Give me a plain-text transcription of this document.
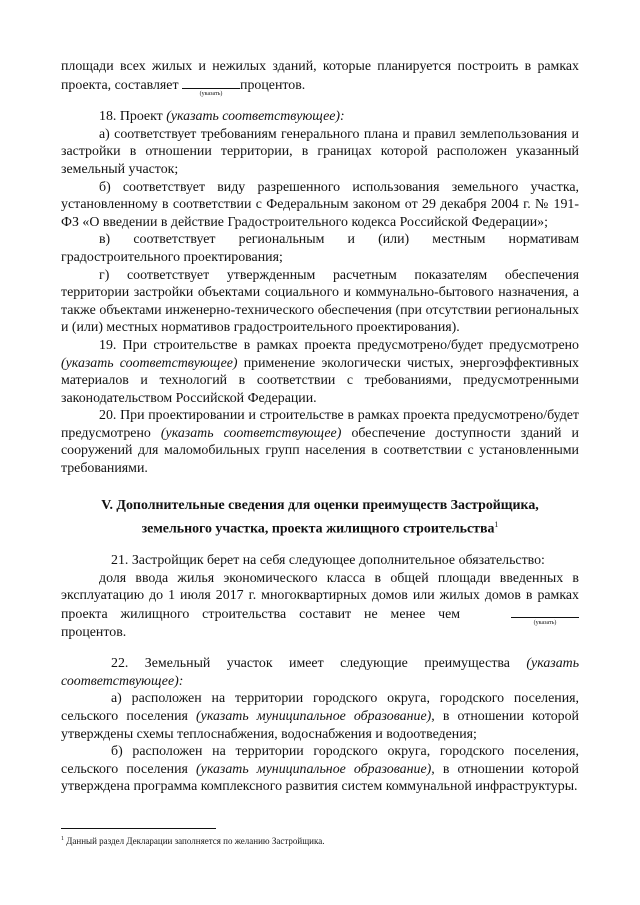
площади всех жилых и нежилых зданий, которые планируется построить в рамках проекта, составляет
(указать)
процентов.

18. Проект (указать соответствующее):

а) соответствует требованиям генерального плана и правил землепользования и застройки в отношении территории, в границах которой расположен указанный земельный участок;

б) соответствует виду разрешенного использования земельного участка, установленному в соответствии с Федеральным законом от 29 декабря 2004 г. № 191-ФЗ «О введении в действие Градостроительного кодекса Российской Федерации»;

в) соответствует региональным и (или) местным нормативам градостроительного проектирования;

г) соответствует утвержденным расчетным показателям обеспечения территории застройки объектами социального и коммунально-бытового назначения, а также объектами инженерно-технического обеспечения (при отсутствии региональных и (или) местных нормативов градостроительного проектирования).

19. При строительстве в рамках проекта предусмотрено/будет предусмотрено (указать соответствующее) применение экологически чистых, энергоэффективных материалов и технологий в соответствии с требованиями, предусмотренными законодательством Российской Федерации.

20. При проектировании и строительстве в рамках проекта предусмотрено/будет предусмотрено (указать соответствующее) обеспечение доступности зданий и сооружений для маломобильных групп населения в соответствии с установленными требованиями.

V. Дополнительные сведения для оценки преимуществ Застройщика,
земельного участка, проекта жилищного строительства$^1$

21. Застройщик берет на себя следующее дополнительное обязательство:

доля ввода жилья экономического класса в общей площади введенных в эксплуатацию до 1 июля 2017 г. многоквартирных домов или жилых домов в рамках проекта жилищного строительства составит не менее чем
(указать)
процентов.

22. Земельный участок имеет следующие преимущества (указать соответствующее):

а) расположен на территории городского округа, городского поселения, сельского поселения (указать муниципальное образование), в отношении которой утверждены схемы теплоснабжения, водоснабжения и водоотведения;

б) расположен на территории городского округа, городского поселения, сельского поселения (указать муниципальное образование), в отношении которой утверждена программа комплексного развития систем коммунальной инфраструктуры.

$^1$ Данный раздел Декларации заполняется по желанию Застройщика.
